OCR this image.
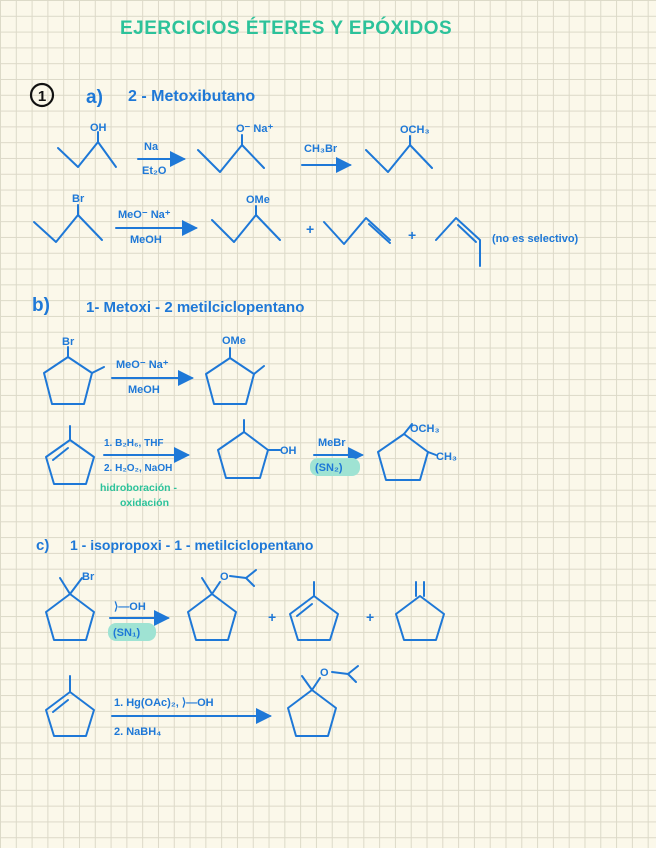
EJERCICIOS ÉTERES Y EPÓXIDOS
1 a) 2 - Metoxibutano
OH
Na
Et₂O
O⁻ Na⁺
CH₃Br
OCH₃
Br
MeO⁻ Na⁺
MeOH
OMe
+	+	(no es selectivo)
b) 1- Metoxi - 2 metilciclopentano
Br
MeO⁻ Na⁺
MeOH
OMe
1. B₂H₆, THF
2. H₂O₂, NaOH
hidroboración -
oxidación
OH
MeBr
(SN₂)
OCH₃
CH₃
c) 1 - isopropoxi - 1 - metilciclopentano
Br
⟩—OH
(SN₁)
O
+	+
1. Hg(OAc)₂, ⟩—OH
2. NaBH₄
O
